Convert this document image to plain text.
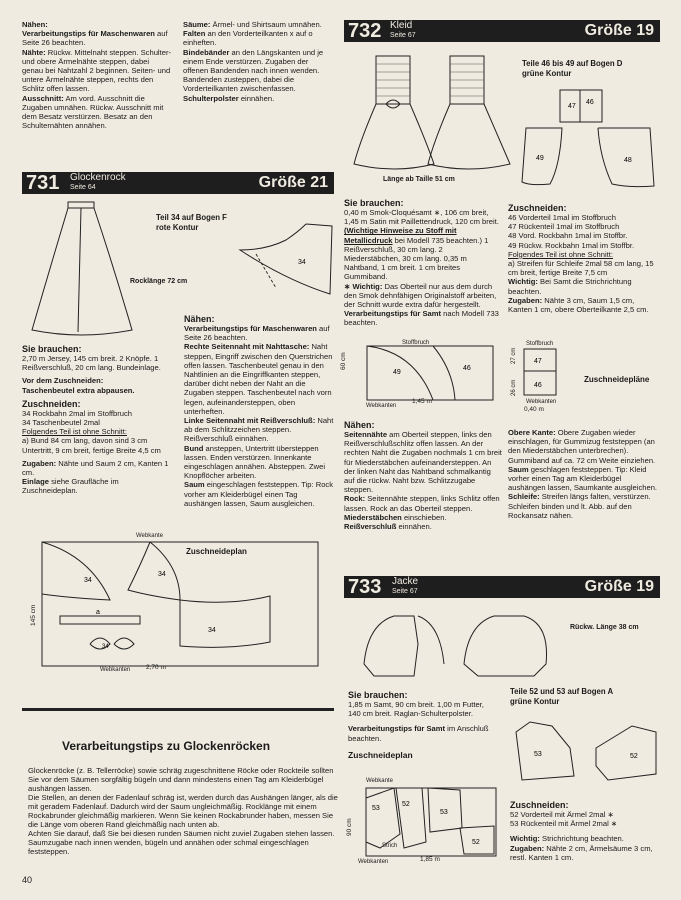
Nähen:

Verarbeitungstips für Maschenwaren auf Seite 26 beachten.

Nähte: Rückw. Mittelnaht steppen. Schulter- und obere Ärmelnähte steppen, dabei genau bei Nahtzahl 2 beginnen. Seiten- und untere Ärmelnähte steppen, rechts den Schlitz offen lassen.

Ausschnitt: Am vord. Ausschnitt die Zugaben umnähen. Rückw. Ausschnitt mit dem Besatz verstürzen. Besatz an den Schulternähten annähen.

Säume: Ärmel- und Shirtsaum umnähen.

Falten an den Vorderteilkanten x auf o einheften.

Bindebänder an den Längskanten und je einem Ende verstürzen. Zugaben der offenen Bandenden nach innen wenden. Bandenden zusteppen, dabei die Vorderteilkanten zwischenfassen.

Schulterpolster einnähen.

732 Kleid
Seite 67	Größe 19
Länge ab Taille 51 cm
Teile 46 bis 49 auf Bogen D
grüne Kontur
47
46
49	48

Sie brauchen:

0,40 m Smok-Cloquésamt ∗, 106 cm breit, 1,45 m Satin mit Paillettendruck, 120 cm breit. (Wichtige Hinweise zu Stoff mit Metallicdruck bei Modell 735 beachten.) 1 Reißverschluß, 30 cm lang. 2 Miederstäbchen, 30 cm lang. 0,35 m Nahtband, 1 cm breit. 1 cm breites Gummiband.

∗ Wichtig: Das Oberteil nur aus dem durch den Smok dehnfähigen Originalstoff arbeiten, der Schnitt wurde extra dafür hergestellt.

Verarbeitungstips für Samt nach Modell 733 beachten.

Zuschneiden:

46 Vorderteil 1mal im Stoffbruch

47 Rückenteil 1mal im Stoffbruch

48 Vord. Rockbahn 1mal im Stoffbr.

49 Rückw. Rockbahn 1mal im Stoffbr.

Folgendes Teil ist ohne Schnitt:

a) Streifen für Schleife 2mal 58 cm lang, 15 cm breit, fertige Breite 7,5 cm

Wichtig: Bei Samt die Strichrichtung beachten.

Zugaben: Nähte 3 cm, Saum 1,5 cm, Kanten 1 cm, obere Oberteilkante 2,5 cm.

49
46
Stoffbruch
Webkanten
1,45 m
60 cm	47
46
Stoffbruch
Webkanten
0,40 m
27 cm
26 cm
Zuschneidepläne

Nähen:

Seitennähte am Oberteil steppen, links den Reißverschlußschlitz offen lassen. An der rechten Naht die Zugaben nochmals 1 cm breit für Miederstäbchen aufeinandersteppen. An der linken Naht das Nahtband schmalkantig auf die rückw. Naht bzw. Schlitzzugabe steppen.

Rock: Seitennähte steppen, links Schlitz offen lassen. Rock an das Oberteil steppen.

Miederstäbchen einschieben.

Reißverschluß einnähen.

Obere Kante: Obere Zugaben wieder einschlagen, für Gummizug feststeppen (an den Miederstäbchen unterbrechen). Gummiband auf ca. 72 cm Weite einziehen.

Saum geschlagen feststeppen. Tip: Kleid vorher einen Tag am Kleiderbügel aushängen lassen, Saumkante ausgleichen.

Schleife: Streifen längs falten, verstürzen. Schleifen binden und lt. Abb. auf den Rockansatz nähen.

731 Glockenrock
Seite 64	Größe 21
Teil 34 auf Bogen F
rote Kontur
34
Rocklänge 72 cm

Sie brauchen:

2,70 m Jersey, 145 cm breit. 2 Knöpfe. 1 Reißverschluß, 20 cm lang. Bundeinlage.

Vor dem Zuschneiden:

Taschenbeutel extra abpausen.

Zuschneiden:

34 Rockbahn 2mal im Stoffbruch

34 Taschenbeutel 2mal

Folgendes Teil ist ohne Schnitt:

a) Bund 84 cm lang, davon sind 3 cm Untertritt, 9 cm breit, fertige Breite 4,5 cm

Zugaben: Nähte und Saum 2 cm, Kanten 1 cm.

Einlage siehe Graufläche im Zuschneideplan.

Nähen:

Verarbeitungstips für Maschenwaren auf Seite 26 beachten.

Rechte Seitennaht mit Nahttasche: Naht steppen, Eingriff zwischen den Querstrichen offen lassen. Taschenbeutel genau in den Nahtlinien an die Eingriffkanten steppen, darüber dicht neben der Naht an die Zugaben steppen. Taschenbeutel nach vorn legen, aufeinandersteppen, oben unterheften.

Linke Seitennaht mit Reißverschluß: Naht ab dem Schlitzzeichen steppen. Reißverschluß einnähen.

Bund ansteppen, Untertritt übersteppen lassen. Enden verstürzen. Innenkante eingeschlagen annähen. Absteppen. Zwei Knopflöcher arbeiten.

Saum eingeschlagen feststeppen. Tip: Rock vorher am Kleiderbügel einen Tag aushängen lassen, Saum ausgleichen.

34
34
34
a
34
Webkante
Webkanten 2,70 m
145 cm
Zuschneideplan
Verarbeitungstips zu Glockenröcken

Glockenröcke (z. B. Tellerröcke) sowie schräg zugeschnittene Röcke oder Rockteile sollten Sie vor dem Säumen sorgfältig bügeln und dann mindestens einen Tag am Kleiderbügel aushängen lassen.

Die Stellen, an denen der Fadenlauf schräg ist, werden durch das Aushängen länger, als die mit geradem Fadenlauf. Dadurch wird der Saum ungleichmäßig. Rocklänge mit einem Rockabrunder gleichmäßig markieren. Wenn Sie keinen Rockabrunder haben, messen Sie die Länge vom oberen Rand gleichmäßig nach unten ab.

Achten Sie darauf, daß Sie bei diesen runden Säumen nicht zuviel Zugaben stehen lassen. Saumzugabe nach innen wenden, bügeln und annähen oder schmal eingeschlagen feststeppen.

40
733 Jacke
Seite 67	Größe 19
Rückw. Länge 38 cm

Sie brauchen:

1,85 m Samt, 90 cm breit. 1,00 m Futter, 140 cm breit. Raglan-Schulterpolster.

Verarbeitungstips für Samt im Anschluß beachten.

Zuschneideplan

53
52
53
52
Webkante
Strich
Webkanten	1,85 m
90 cm
Teile 52 und 53 auf Bogen A
grüne Kontur
53	52

Zuschneiden:

52 Vorderteil mit Ärmel 2mal ∗

53 Rückenteil mit Ärmel 2mal ∗

Wichtig: Strichrichtung beachten.

Zugaben: Nähte 2 cm, Ärmelsäume 3 cm, restl. Kanten 1 cm.
